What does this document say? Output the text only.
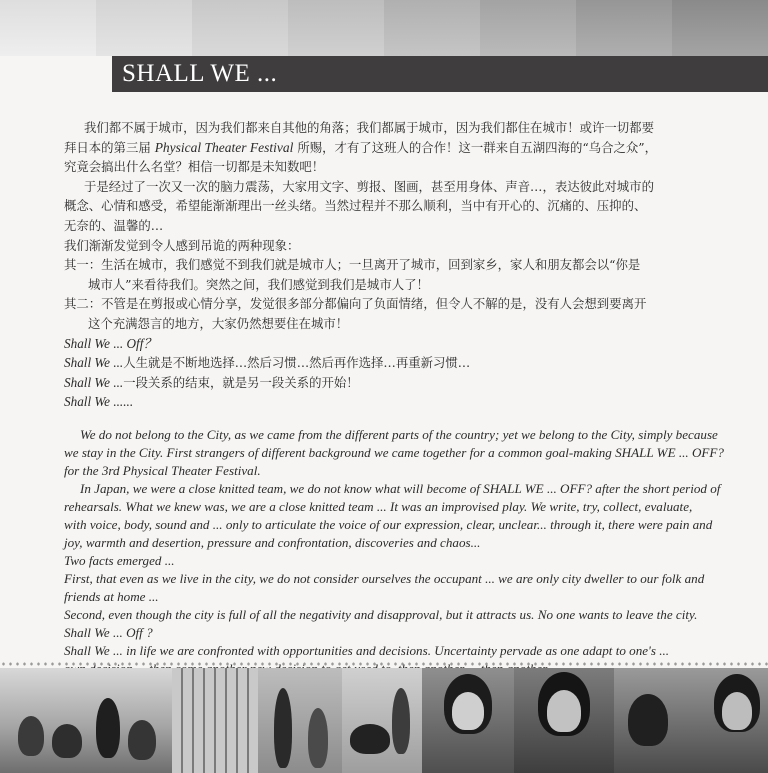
SHALL WE ...

我们都不属于城市，因为我们都来自其他的角落；我们都属于城市，因为我们都住在城市！或许一切都要

拜日本的第三届 Physical Theater Festival 所赐，才有了这班人的合作！这一群来自五湖四海的“乌合之众”，

究竟会搞出什么名堂？相信一切都是未知数吧！

于是经过了一次又一次的脑力震荡，大家用文字、剪报、图画，甚至用身体、声音…，表达彼此对城市的

概念、心情和感受，希望能渐渐理出一丝头绪。当然过程并不那么顺利，当中有开心的、沉痛的、压抑的、

无奈的、温馨的…

我们渐渐发觉到令人感到吊诡的两种现象：

其一：生活在城市，我们感觉不到我们就是城市人；一旦离开了城市，回到家乡，家人和朋友都会以“你是

城市人”来看待我们。突然之间，我们感觉到我们是城市人了！

其二：不管是在剪报或心情分享，发觉很多部分都偏向了负面情绪，但令人不解的是，没有人会想到要离开

这个充满怨言的地方，大家仍然想要住在城市！

Shall We ... Off？

Shall We ...人生就是不断地选择…然后习惯…然后再作选择…再重新习惯…

Shall We ...一段关系的结束，就是另一段关系的开始！

Shall We ......

We do not belong to the City, as we came from the different parts of the country; yet we belong to the City, simply because

we stay in the City. First strangers of different background we came together for a common goal-making SHALL WE ... OFF?

for the 3rd Physical Theater Festival.

In Japan, we were a close knitted team, we do not know what will become of SHALL WE ... OFF? after the short period of

rehearsals. What we knew was, we are a close knitted team ... It was an improvised play. We write, try, collect, evaluate,

with voice, body, sound and ... only to articulate the voice of our expression, clear, unclear... through it, there were pain and

joy, warmth and desertion, pressure and confrontation, discoveries and chaos...

Two facts emerged ...

First, that even as we live in the city, we do not consider ourselves the occupant ... we are only city dweller to our folk and

friends at home ...

Second, even though the city is full of all the negativity and disapproval, but it attracts us. No one wants to leave the city.

Shall We ... Off ?

Shall We ... in life we are confronted with opportunities and decisions. Uncertainty pervade as one adapt to one's ...
